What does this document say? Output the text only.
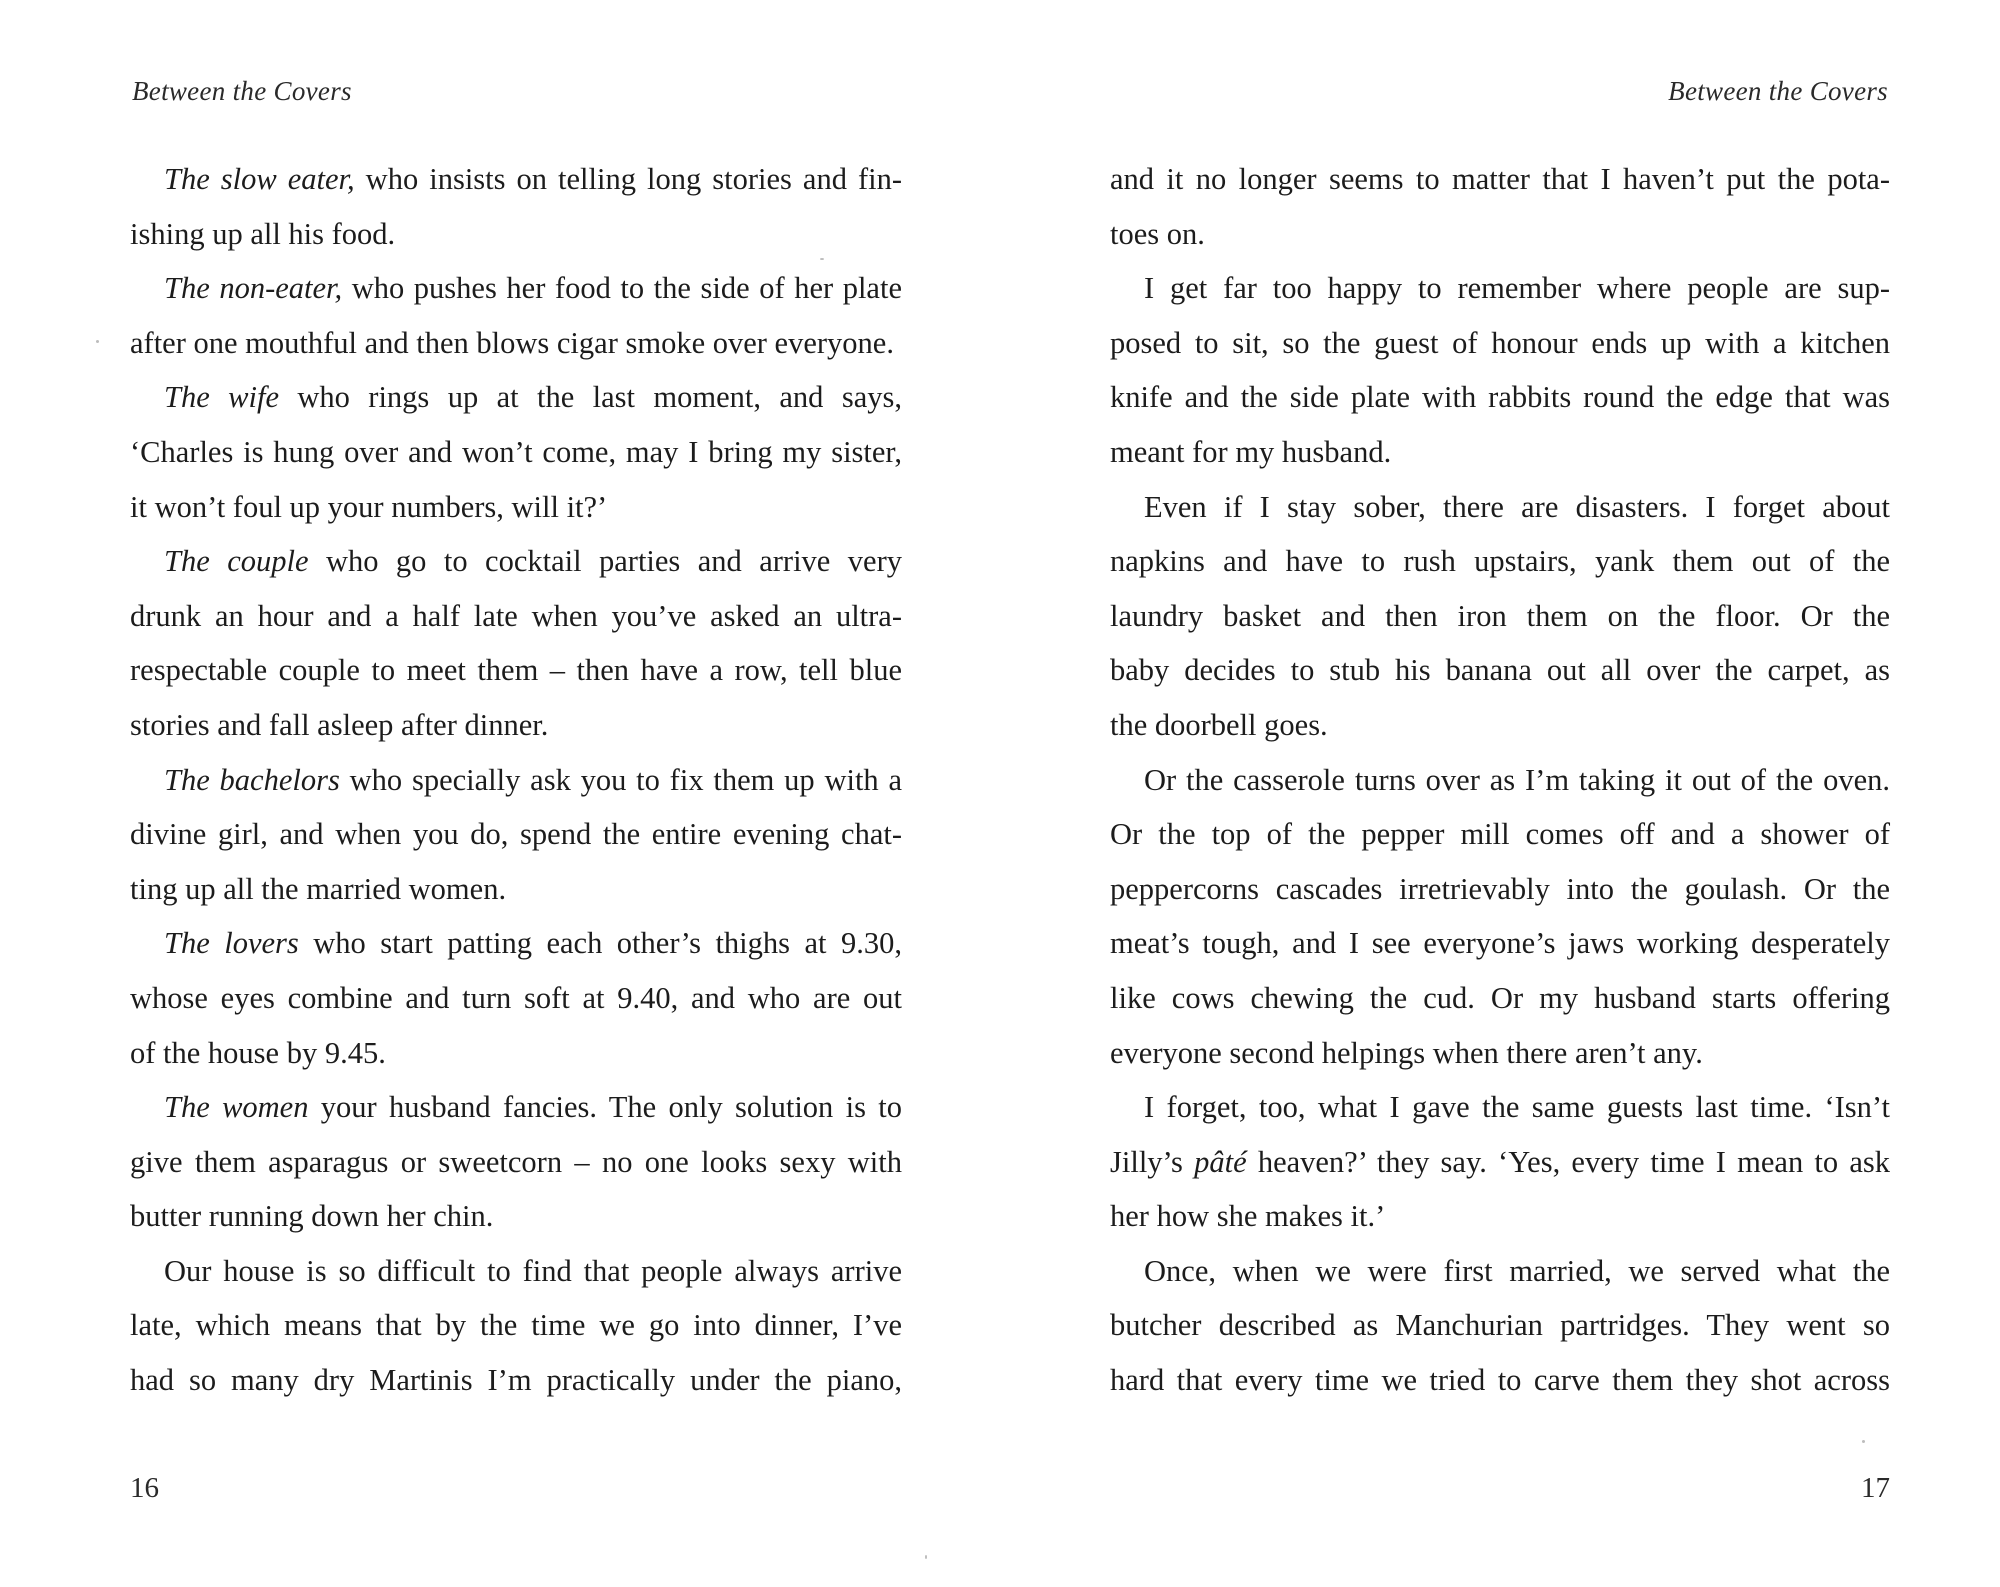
Between the Covers
The slow eater, who insists on telling long stories and fin-
ishing up all his food.
The non-eater, who pushes her food to the side of her plate
after one mouthful and then blows cigar smoke over everyone.
The wife who rings up at the last moment, and says,
‘Charles is hung over and won’t come, may I bring my sister,
it won’t foul up your numbers, will it?’
The couple who go to cocktail parties and arrive very
drunk an hour and a half late when you’ve asked an ultra-
respectable couple to meet them – then have a row, tell blue
stories and fall asleep after dinner.
The bachelors who specially ask you to fix them up with a
divine girl, and when you do, spend the entire evening chat-
ting up all the married women.
The lovers who start patting each other’s thighs at 9.30,
whose eyes combine and turn soft at 9.40, and who are out
of the house by 9.45.
The women your husband fancies. The only solution is to
give them asparagus or sweetcorn – no one looks sexy with
butter running down her chin.
Our house is so difficult to find that people always arrive
late, which means that by the time we go into dinner, I’ve
had so many dry Martinis I’m practically under the piano,
16
Between the Covers
and it no longer seems to matter that I haven’t put the pota-
toes on.
I get far too happy to remember where people are sup-
posed to sit, so the guest of honour ends up with a kitchen
knife and the side plate with rabbits round the edge that was
meant for my husband.
Even if I stay sober, there are disasters. I forget about
napkins and have to rush upstairs, yank them out of the
laundry basket and then iron them on the floor. Or the
baby decides to stub his banana out all over the carpet, as
the doorbell goes.
Or the casserole turns over as I’m taking it out of the oven.
Or the top of the pepper mill comes off and a shower of
peppercorns cascades irretrievably into the goulash. Or the
meat’s tough, and I see everyone’s jaws working desperately
like cows chewing the cud. Or my husband starts offering
everyone second helpings when there aren’t any.
I forget, too, what I gave the same guests last time. ‘Isn’t
Jilly’s pâté heaven?’ they say. ‘Yes, every time I mean to ask
her how she makes it.’
Once, when we were first married, we served what the
butcher described as Manchurian partridges. They went so
hard that every time we tried to carve them they shot across
17
